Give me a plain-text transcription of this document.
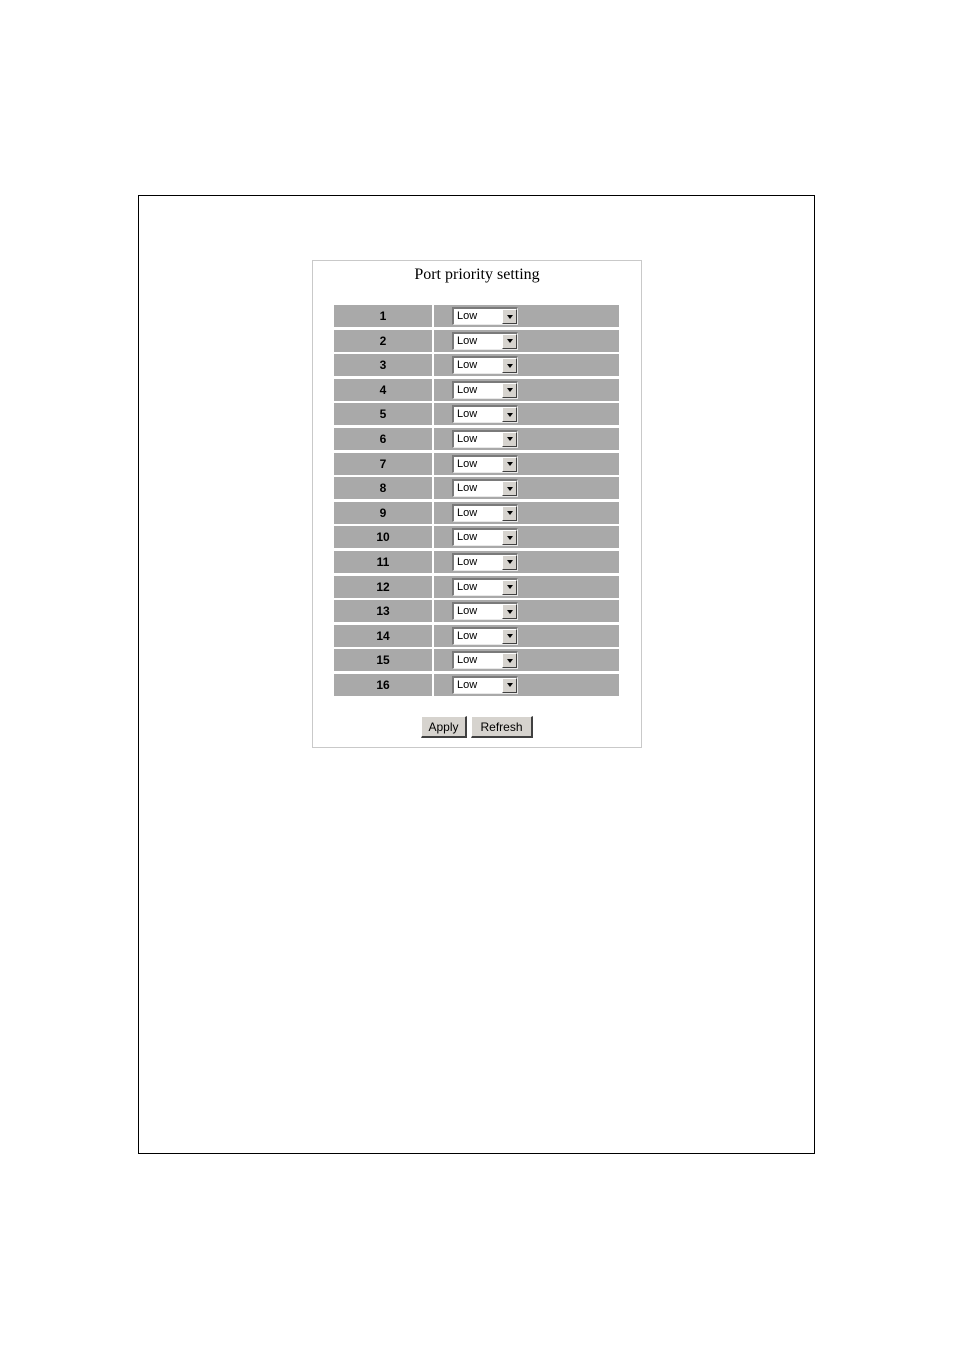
Port priority setting
1	Low
2	Low
3	Low
4	Low
5	Low
6	Low
7	Low
8	Low
9	Low
10	Low
11	Low
12	Low
13	Low
14	Low
15	Low
16	Low
Apply	Refresh
